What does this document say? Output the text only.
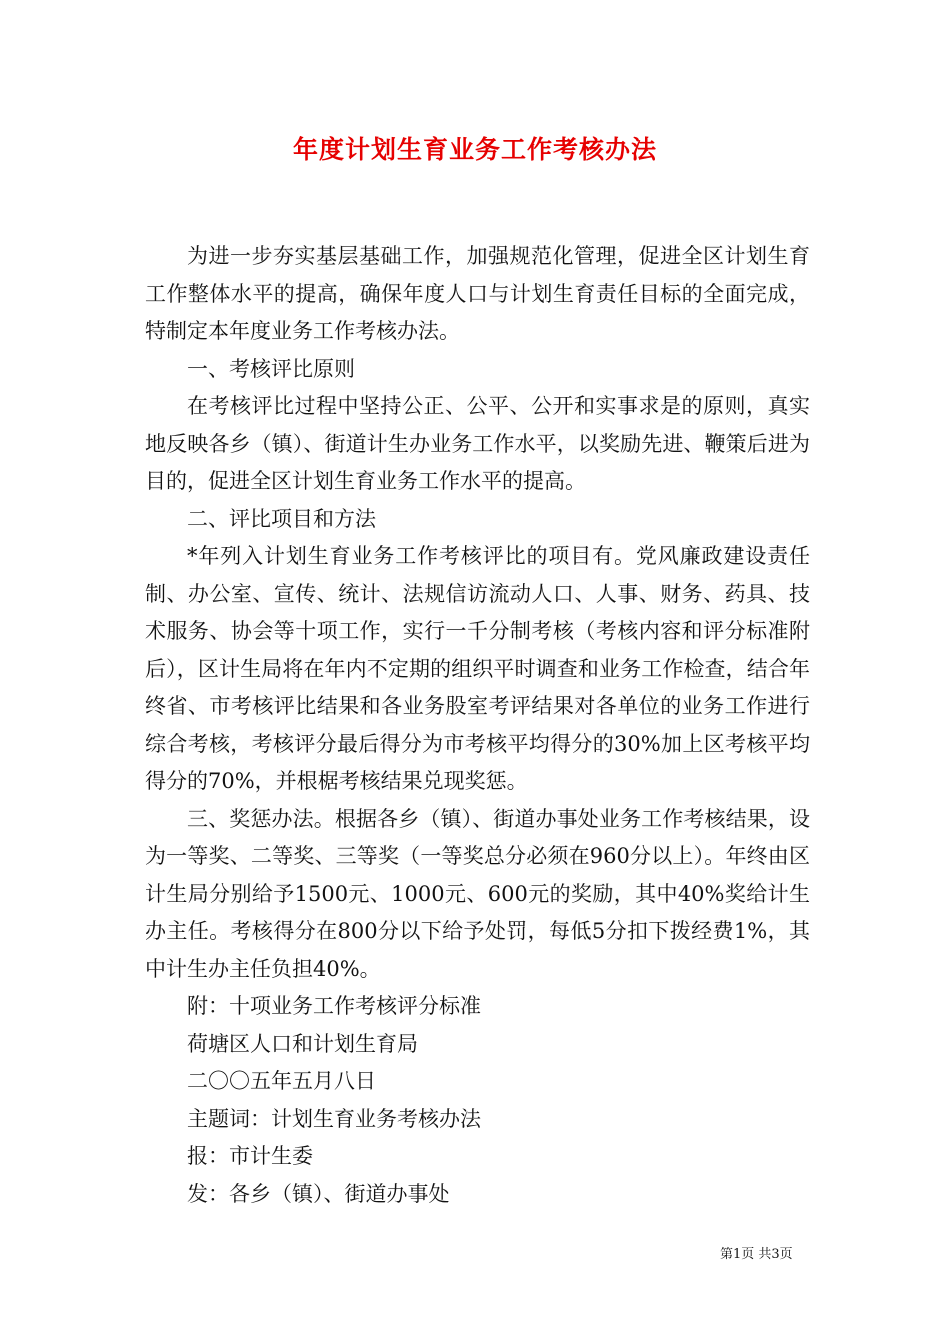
年度计划生育业务工作考核办法

为进一步夯实基层基础工作，加强规范化管理，促进全区计划生育工作整体水平的提高，确保年度人口与计划生育责任目标的全面完成，特制定本年度业务工作考核办法。

一、考核评比原则

在考核评比过程中坚持公正、公平、公开和实事求是的原则，真实地反映各乡（镇）、街道计生办业务工作水平，以奖励先进、鞭策后进为目的，促进全区计划生育业务工作水平的提高。

二、评比项目和方法

*年列入计划生育业务工作考核评比的项目有。党风廉政建设责任制、办公室、宣传、统计、法规信访流动人口、人事、财务、药具、技术服务、协会等十项工作，实行一千分制考核（考核内容和评分标准附后），区计生局将在年内不定期的组织平时调查和业务工作检查，结合年终省、市考核评比结果和各业务股室考评结果对各单位的业务工作进行综合考核，考核评分最后得分为市考核平均得分的30%加上区考核平均得分的70%，并根椐考核结果兑现奖惩。

三、奖惩办法。根据各乡（镇）、街道办事处业务工作考核结果，设为一等奖、二等奖、三等奖（一等奖总分必须在960分以上）。年终由区计生局分别给予1500元、1000元、600元的奖励，其中40%奖给计生办主任。考核得分在800分以下给予处罚，每低5分扣下拨经费1%，其中计生办主任负担40%。

附：十项业务工作考核评分标准

荷塘区人口和计划生育局

二〇〇五年五月八日

主题词：计划生育业务考核办法

报：市计生委

发：各乡（镇）、街道办事处

第1页 共3页
